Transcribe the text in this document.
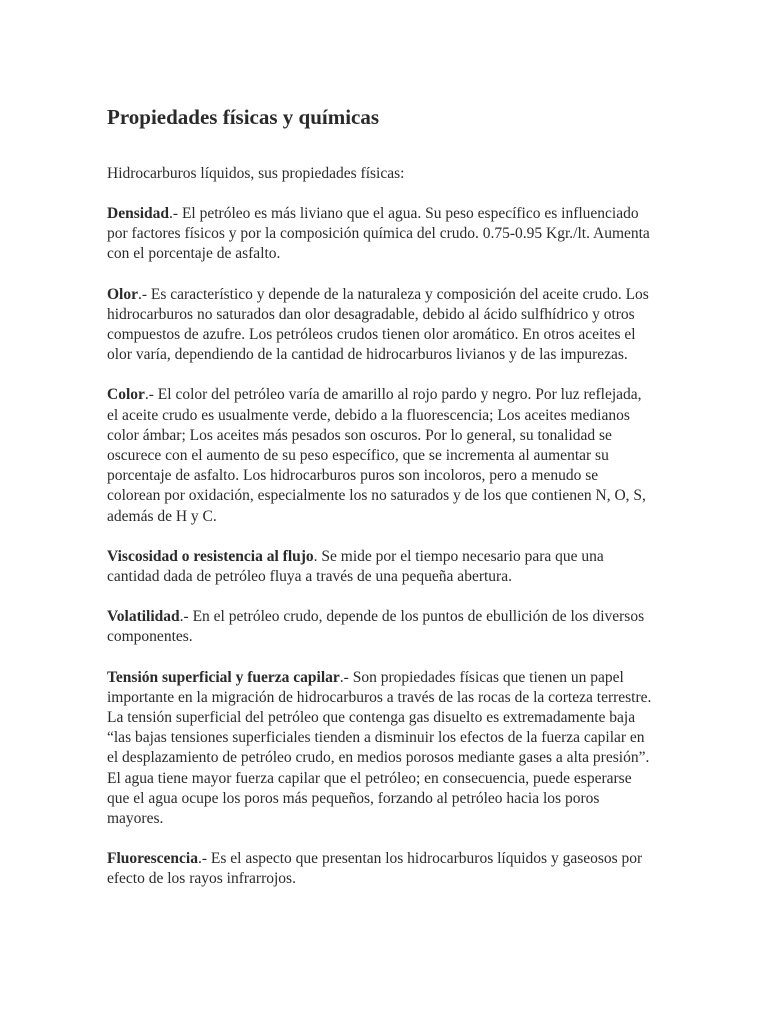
Propiedades físicas y químicas

Hidrocarburos líquidos, sus propiedades físicas:

Densidad.- El petróleo es más liviano que el agua. Su peso específico es influenciado por factores físicos y por la composición química del crudo. 0.75-0.95 Kgr./lt. Aumenta con el porcentaje de asfalto.

Olor.- Es característico y depende de la naturaleza y composición del aceite crudo. Los hidrocarburos no saturados dan olor desagradable, debido al ácido sulfhídrico y otros compuestos de azufre. Los petróleos crudos tienen olor aromático. En otros aceites el olor varía, dependiendo de la cantidad de hidrocarburos livianos y de las impurezas.

Color.- El color del petróleo varía de amarillo al rojo pardo y negro. Por luz reflejada, el aceite crudo es usualmente verde, debido a la fluorescencia; Los aceites medianos color ámbar; Los aceites más pesados son oscuros. Por lo general, su tonalidad se oscurece con el aumento de su peso específico, que se incrementa al aumentar su porcentaje de asfalto. Los hidrocarburos puros son incoloros, pero a menudo se colorean por oxidación, especialmente los no saturados y de los que contienen N, O, S, además de H y C.

Viscosidad o resistencia al flujo. Se mide por el tiempo necesario para que una cantidad dada de petróleo fluya a través de una pequeña abertura.

Volatilidad.- En el petróleo crudo, depende de los puntos de ebullición de los diversos componentes.

Tensión superficial y fuerza capilar.- Son propiedades físicas que tienen un papel importante en la migración de hidrocarburos a través de las rocas de la corteza terrestre. La tensión superficial del petróleo que contenga gas disuelto es extremadamente baja “las bajas tensiones superficiales tienden a disminuir los efectos de la fuerza capilar en el desplazamiento de petróleo crudo, en medios porosos mediante gases a alta presión”. El agua tiene mayor fuerza capilar que el petróleo; en consecuencia, puede esperarse que el agua ocupe los poros más pequeños, forzando al petróleo hacia los poros mayores.

Fluorescencia.- Es el aspecto que presentan los hidrocarburos líquidos y gaseosos por efecto de los rayos infrarrojos.
